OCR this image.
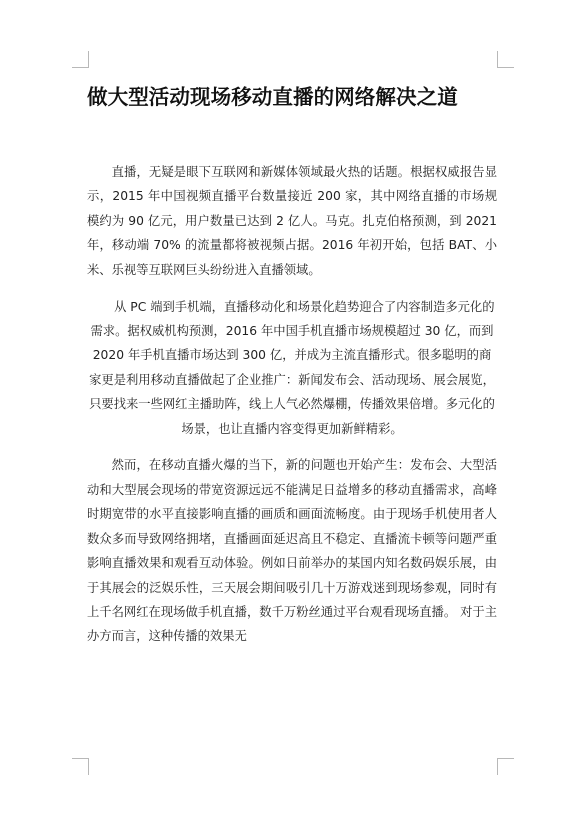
做大型活动现场移动直播的网络解决之道

直播，无疑是眼下互联网和新媒体领域最火热的话题。根据权威报告显示，2015 年中国视频直播平台数量接近 200 家，其中网络直播的市场规模约为 90 亿元，用户数量已达到 2 亿人。马克。扎克伯格预测，到 2021 年，移动端 70% 的流量都将被视频占据。2016 年初开始，包括 BAT、小米、乐视等互联网巨头纷纷进入直播领域。

从 PC 端到手机端，直播移动化和场景化趋势迎合了内容制造多元化的需求。据权威机构预测，2016 年中国手机直播市场规模超过 30 亿，而到 2020 年手机直播市场达到 300 亿，并成为主流直播形式。很多聪明的商家更是利用移动直播做起了企业推广：新闻发布会、活动现场、展会展览，只要找来一些网红主播助阵，线上人气必然爆棚，传播效果倍增。多元化的场景，也让直播内容变得更加新鲜精彩。

然而，在移动直播火爆的当下，新的问题也开始产生：发布会、大型活动和大型展会现场的带宽资源远远不能满足日益增多的移动直播需求，高峰时期宽带的水平直接影响直播的画质和画面流畅度。由于现场手机使用者人数众多而导致网络拥堵，直播画面延迟高且不稳定、直播流卡顿等问题严重影响直播效果和观看互动体验。例如日前举办的某国内知名数码娱乐展，由于其展会的泛娱乐性，三天展会期间吸引几十万游戏迷到现场参观，同时有上千名网红在现场做手机直播，数千万粉丝通过平台观看现场直播。 对于主办方而言，这种传播的效果无
